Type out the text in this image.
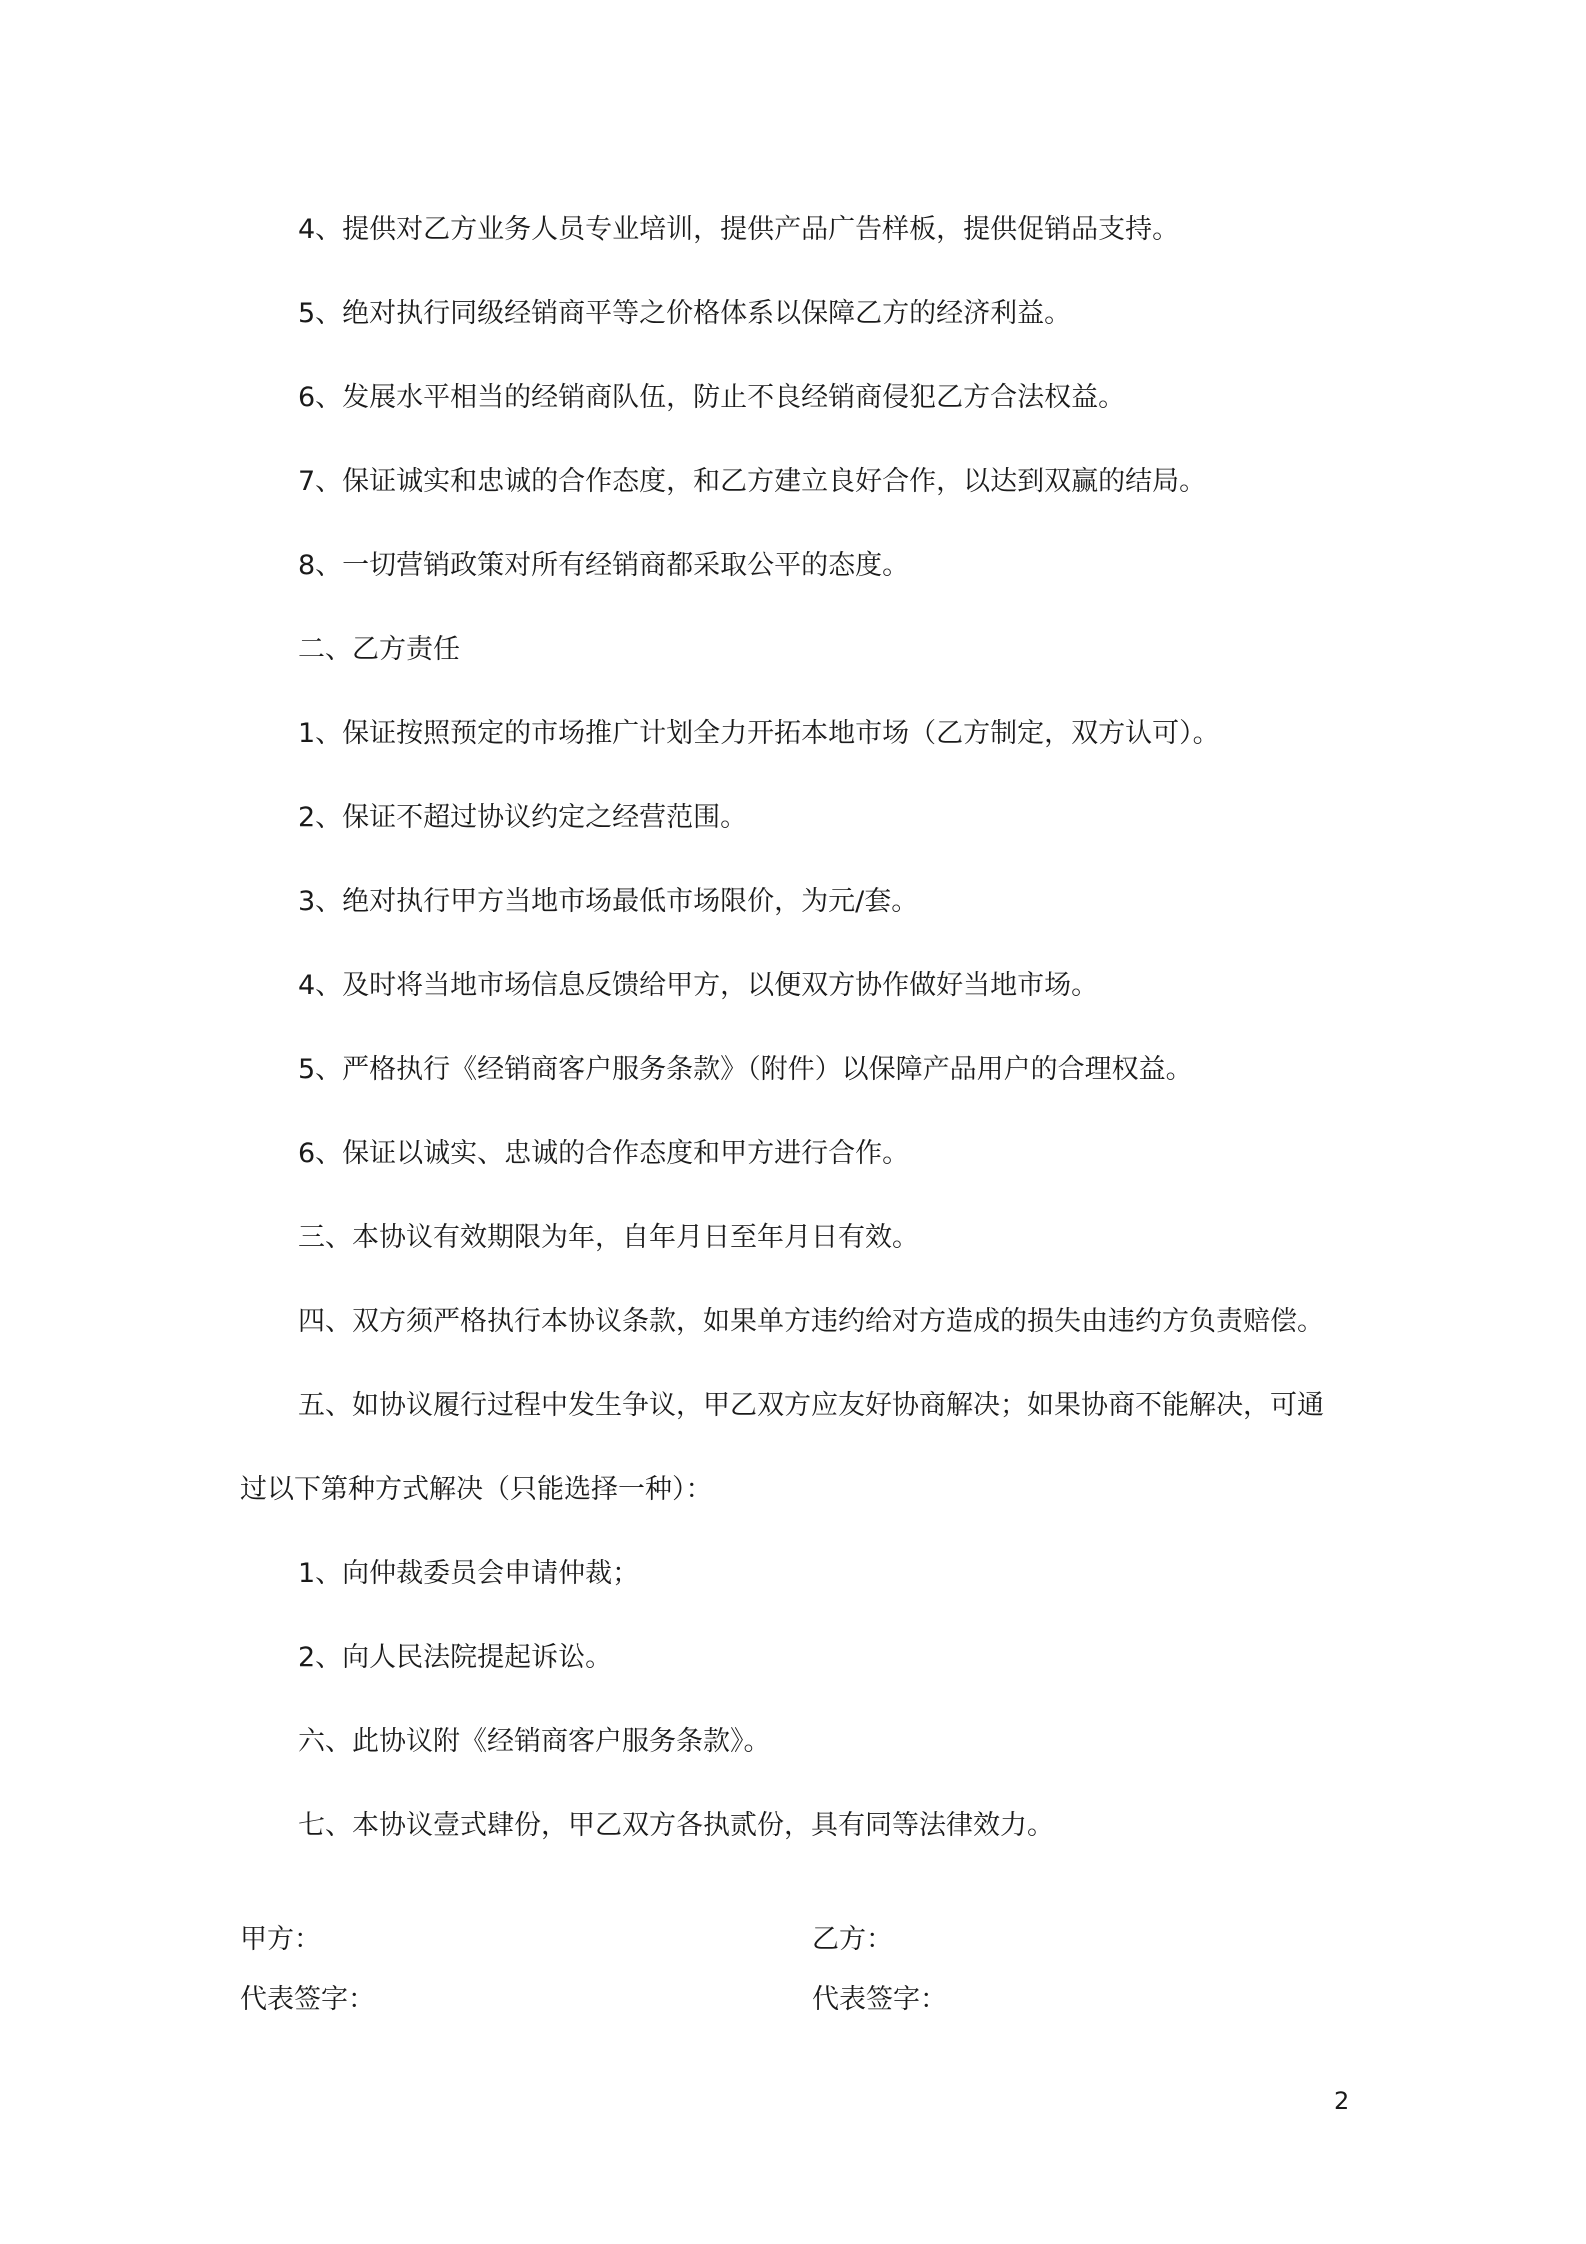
4、提供对乙方业务人员专业培训，提供产品广告样板，提供促销品支持。
5、绝对执行同级经销商平等之价格体系以保障乙方的经济利益。
6、发展水平相当的经销商队伍，防止不良经销商侵犯乙方合法权益。
7、保证诚实和忠诚的合作态度，和乙方建立良好合作，以达到双赢的结局。
8、一切营销政策对所有经销商都采取公平的态度。
二、乙方责任
1、保证按照预定的市场推广计划全力开拓本地市场（乙方制定，双方认可）。
2、保证不超过协议约定之经营范围。
3、绝对执行甲方当地市场最低市场限价，为元/套。
4、及时将当地市场信息反馈给甲方，以便双方协作做好当地市场。
5、严格执行《经销商客户服务条款》（附件）以保障产品用户的合理权益。
6、保证以诚实、忠诚的合作态度和甲方进行合作。
三、本协议有效期限为年，自年月日至年月日有效。
四、双方须严格执行本协议条款，如果单方违约给对方造成的损失由违约方负责赔偿。
五、如协议履行过程中发生争议，甲乙双方应友好协商解决；如果协商不能解决，可通
过以下第种方式解决（只能选择一种）：
1、向仲裁委员会申请仲裁；
2、向人民法院提起诉讼。
六、此协议附《经销商客户服务条款》。
七、本协议壹式肆份，甲乙双方各执贰份，具有同等法律效力。
甲方：	乙方：
代表签字：	代表签字：
2
